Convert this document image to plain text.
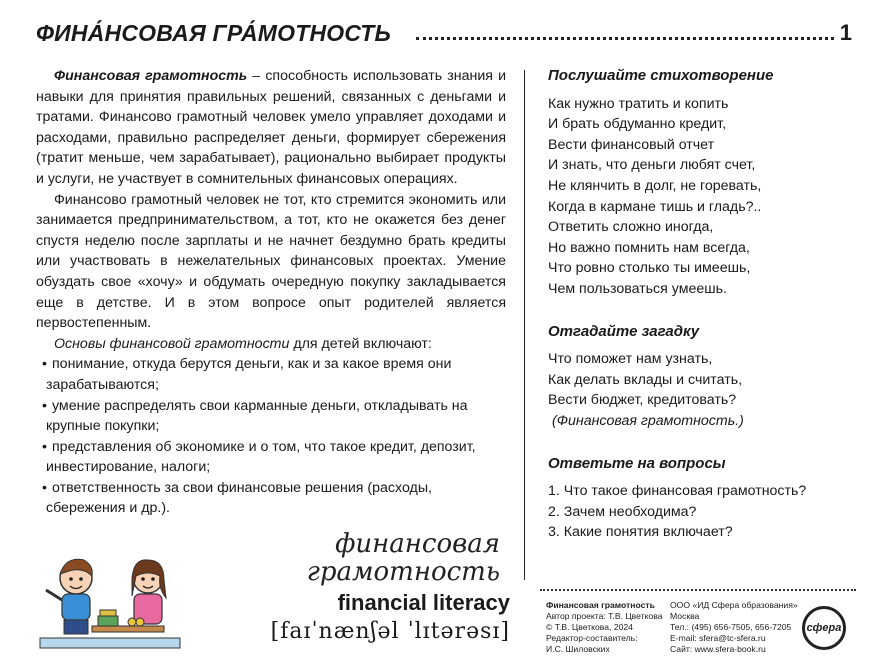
ФИНА́НСОВАЯ ГРА́МОТНОСТЬ	1

Финансовая грамотность – способность использовать знания и навыки для принятия правильных решений, связанных с деньгами и тратами. Финансово грамотный человек умело управляет доходами и расходами, правильно распределяет деньги, формирует сбережения (тратит меньше, чем зарабатывает), рационально выбирает продукты и услуги, не участвует в сомнительных финансовых операциях.

Финансово грамотный человек не тот, кто стремится экономить или занимается предпринимательством, а тот, кто не окажется без денег спустя неделю после зарплаты и не начнет бездумно брать кредиты или участвовать в нежелательных финансовых проектах. Умение обуздать свое «хочу» и обдумать очередную покупку закладывается еще в детстве. И в этом вопросе опыт родителей является первостепенным.

Основы финансовой грамотности для детей включают:

• понимание, откуда берутся деньги, как и за какое время они зарабатываются;
• умение распределять свои карманные деньги, откладывать на крупные покупки;
• представления об экономике и о том, что такое кредит, депозит, инвестирование, налоги;
• ответственность за свои финансовые решения (расходы, сбережения и др.).
Послушайте стихотворение
Как нужно тратить и копить
И брать обдуманно кредит,
Вести финансовый отчет
И знать, что деньги любят счет,
Не клянчить в долг, не горевать,
Когда в кармане тишь и гладь?..
Ответить сложно иногда,
Но важно помнить нам всегда,
Что ровно столько ты имеешь,
Чем пользоваться умеешь.
Отгадайте загадку
Что поможет нам узнать,
Как делать вклады и считать,
Вести бюджет, кредитовать?
(Финансовая грамотность.)
Ответьте на вопросы
1. Что такое финансовая грамотность?
2. Зачем необходима?
3. Какие понятия включает?
финансовая
грамотность
financial literacy
[faɪˈnænʃəl ˈlɪtərəsɪ]
Финансовая грамотность
Автор проекта: Т.В. Цветкова
© Т.В. Цветкова, 2024
Редактор-составитель:
И.С. Шиловских
ООО «ИД Сфера образования»
Москва
Тел.: (495) 656-7505, 656-7205
E-mail: sfera@tc-sfera.ru
Сайт: www.sfera-book.ru
сфера
